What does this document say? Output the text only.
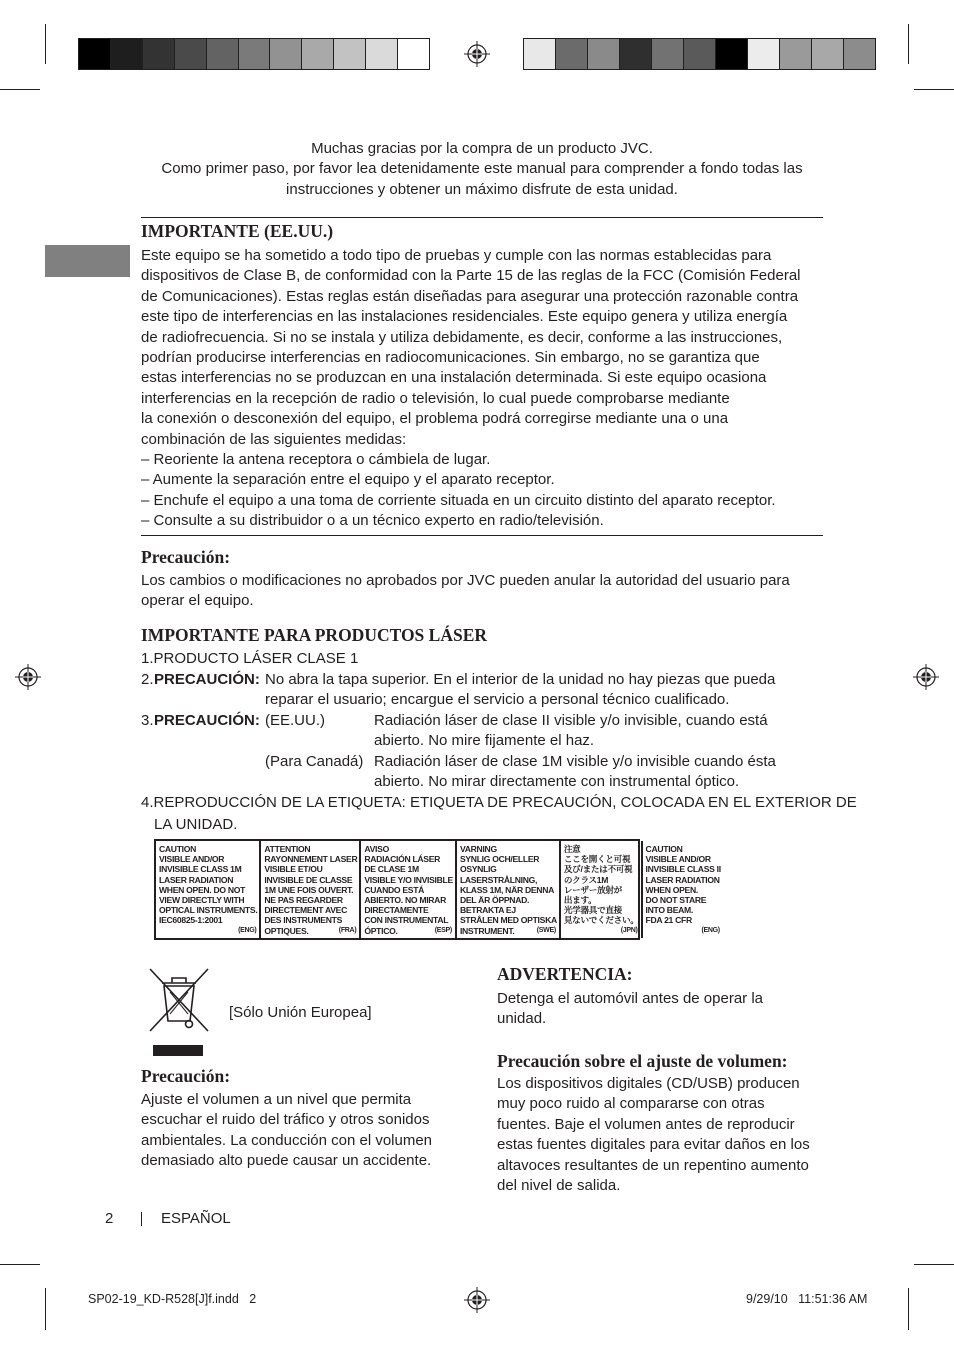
Muchas gracias por la compra de un producto JVC.

Como primer paso, por favor lea detenidamente este manual para comprender a fondo todas las

instrucciones y obtener un máximo disfrute de esta unidad.

IMPORTANTE (EE.UU.)

Este equipo se ha sometido a todo tipo de pruebas y cumple con las normas establecidas para

dispositivos de Clase B, de conformidad con la Parte 15 de las reglas de la FCC (Comisión Federal

de Comunicaciones). Estas reglas están diseñadas para asegurar una protección razonable contra

este tipo de interferencias en las instalaciones residenciales. Este equipo genera y utiliza energía

de radiofrecuencia. Si no se instala y utiliza debidamente, es decir, conforme a las instrucciones,

podrían producirse interferencias en radiocomunicaciones. Sin embargo, no se garantiza que

estas interferencias no se produzcan en una instalación determinada. Si este equipo ocasiona

interferencias en la recepción de radio o televisión, lo cual puede comprobarse mediante

la conexión o desconexión del equipo, el problema podrá corregirse mediante una o una

combinación de las siguientes medidas:

– Reoriente la antena receptora o cámbiela de lugar.

– Aumente la separación entre el equipo y el aparato receptor.

– Enchufe el equipo a una toma de corriente situada en un circuito distinto del aparato receptor.

– Consulte a su distribuidor o a un técnico experto en radio/televisión.

Precaución:

Los cambios o modificaciones no aprobados por JVC pueden anular la autoridad del usuario para

operar el equipo.

IMPORTANTE PARA PRODUCTOS LÁSER
1.PRODUCTO LÁSER CLASE 1
2. PRECAUCIÓN: No abra la tapa superior. En el interior de la unidad no hay piezas que pueda

reparar el usuario; encargue el servicio a personal técnico cualificado.

3. PRECAUCIÓN: (EE.UU.)	Radiación láser de clase II visible y/o invisible, cuando está

abierto. No mire fijamente el haz.

(Para Canadá) Radiación láser de clase 1M visible y/o invisible cuando ésta

abierto. No mirar directamente con instrumental óptico.

4.REPRODUCCIÓN DE LA ETIQUETA: ETIQUETA DE PRECAUCIÓN, COLOCADA EN EL EXTERIOR DE

LA UNIDAD.

CAUTION
VISIBLE AND/OR
INVISIBLE CLASS 1M
LASER RADIATION
WHEN OPEN. DO NOT
VIEW DIRECTLY WITH
OPTICAL INSTRUMENTS.
IEC60825-1:2001
(ENG)
ATTENTION
RAYONNEMENT LASER
VISIBLE ET/OU
INVISIBLE DE CLASSE
1M UNE FOIS OUVERT.
NE PAS REGARDER
DIRECTEMENT AVEC
DES INSTRUMENTS
OPTIQUES.	(FRA)
AVISO
RADIACIÓN LÁSER
DE CLASE 1M
VISIBLE Y/O INVISIBLE
CUANDO ESTÁ
ABIERTO. NO MIRAR
DIRECTAMENTE
CON INSTRUMENTAL
ÓPTICO.	(ESP)
VARNING
SYNLIG OCH/ELLER
OSYNLIG
LASERSTRÅLNING,
KLASS 1M, NÄR DENNA
DEL ÄR ÖPPNAD.
BETRAKTA EJ
STRÅLEN MED OPTISKA
INSTRUMENT.	(SWE)
注意
ここを開くと可視
及び/または不可視
のクラス1M
レーザー放射が
出ます。
光学器具で直接
見ないでください。
(JPN)
CAUTION
VISIBLE AND/OR
INVISIBLE CLASS II
LASER RADIATION
WHEN OPEN.
DO NOT STARE
INTO BEAM.
FDA 21 CFR
(ENG)
[Sólo Unión Europea]
Precaución:

Ajuste el volumen a un nivel que permita

escuchar el ruido del tráfico y otros sonidos

ambientales. La conducción con el volumen

demasiado alto puede causar un accidente.

ADVERTENCIA:

Detenga el automóvil antes de operar la

unidad.

Precaución sobre el ajuste de volumen:

Los dispositivos digitales (CD/USB) producen

muy poco ruido al compararse con otras

fuentes. Baje el volumen antes de reproducir

estas fuentes digitales para evitar daños en los

altavoces resultantes de un repentino aumento

del nivel de salida.

2	ESPAÑOL
SP02-19_KD-R528[J]f.indd   2	9/29/10   11:51:36 AM
